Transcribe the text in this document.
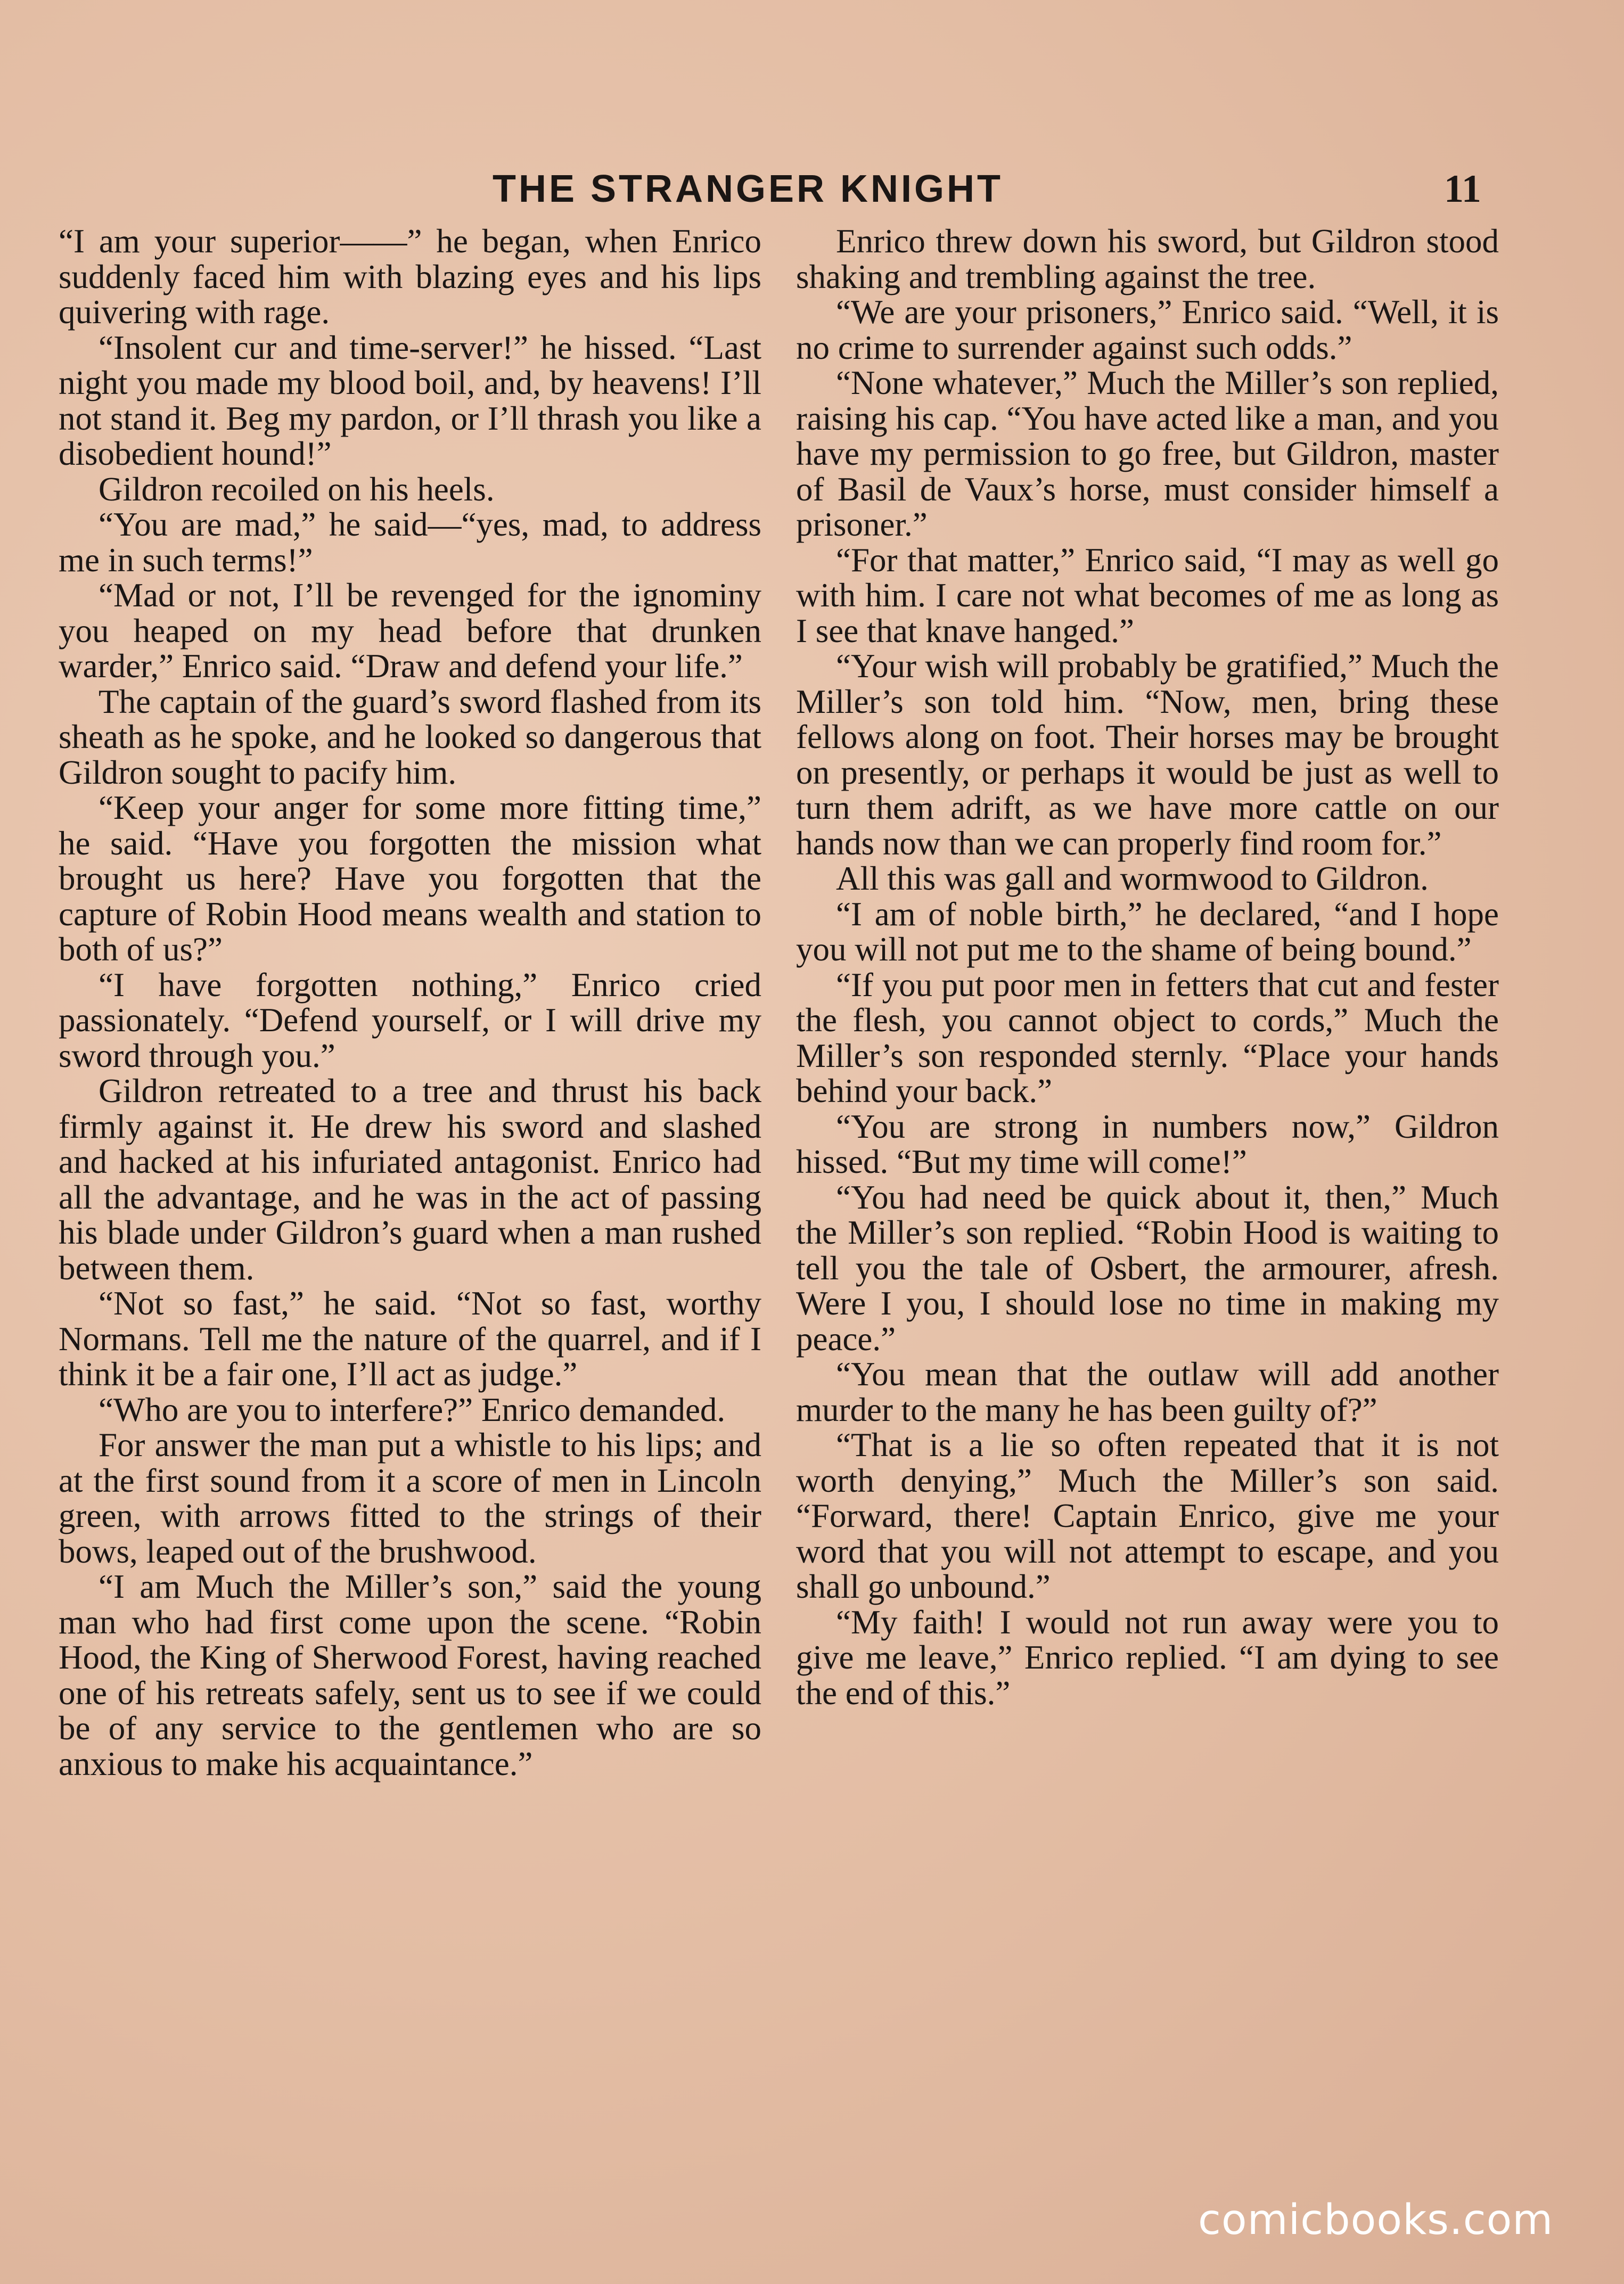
THE STRANGER KNIGHT	11

“I am your superior——” he began, when Enrico suddenly faced him with blazing eyes and his lips quivering with rage.

“Insolent cur and time-server!” he hissed. “Last night you made my blood boil, and, by heavens! I’ll not stand it. Beg my pardon, or I’ll thrash you like a disobedient hound!”

Gildron recoiled on his heels.

“You are mad,” he said—“yes, mad, to address me in such terms!”

“Mad or not, I’ll be revenged for the ignominy you heaped on my head before that drunken warder,” Enrico said. “Draw and defend your life.”

The captain of the guard’s sword flashed from its sheath as he spoke, and he looked so dangerous that Gildron sought to pacify him.

“Keep your anger for some more fitting time,” he said. “Have you forgotten the mission what brought us here? Have you forgotten that the capture of Robin Hood means wealth and station to both of us?”

“I have forgotten nothing,” Enrico cried passionately. “Defend yourself, or I will drive my sword through you.”

Gildron retreated to a tree and thrust his back firmly against it. He drew his sword and slashed and hacked at his infuriated antagonist. Enrico had all the advantage, and he was in the act of passing his blade under Gildron’s guard when a man rushed between them.

“Not so fast,” he said. “Not so fast, worthy Normans. Tell me the nature of the quarrel, and if I think it be a fair one, I’ll act as judge.”

“Who are you to interfere?” Enrico demanded.

For answer the man put a whistle to his lips; and at the first sound from it a score of men in Lincoln green, with arrows fitted to the strings of their bows, leaped out of the brushwood.

“I am Much the Miller’s son,” said the young man who had first come upon the scene. “Robin Hood, the King of Sherwood Forest, having reached one of his retreats safely, sent us to see if we could be of any service to the gentlemen who are so anxious to make his acquaintance.”

Enrico threw down his sword, but Gildron stood shaking and trembling against the tree.

“We are your prisoners,” Enrico said. “Well, it is no crime to surrender against such odds.”

“None whatever,” Much the Miller’s son replied, raising his cap. “You have acted like a man, and you have my permission to go free, but Gildron, master of Basil de Vaux’s horse, must consider himself a prisoner.”

“For that matter,” Enrico said, “I may as well go with him. I care not what becomes of me as long as I see that knave hanged.”

“Your wish will probably be gratified,” Much the Miller’s son told him. “Now, men, bring these fellows along on foot. Their horses may be brought on presently, or perhaps it would be just as well to turn them adrift, as we have more cattle on our hands now than we can properly find room for.”

All this was gall and wormwood to Gildron.

“I am of noble birth,” he declared, “and I hope you will not put me to the shame of being bound.”

“If you put poor men in fetters that cut and fester the flesh, you cannot object to cords,” Much the Miller’s son responded sternly. “Place your hands behind your back.”

“You are strong in numbers now,” Gildron hissed. “But my time will come!”

“You had need be quick about it, then,” Much the Miller’s son replied. “Robin Hood is waiting to tell you the tale of Osbert, the armourer, afresh. Were I you, I should lose no time in making my peace.”

“You mean that the outlaw will add another murder to the many he has been guilty of?”

“That is a lie so often repeated that it is not worth denying,” Much the Miller’s son said. “Forward, there! Captain Enrico, give me your word that you will not attempt to escape, and you shall go unbound.”

“My faith! I would not run away were you to give me leave,” Enrico replied. “I am dying to see the end of this.”

comicbooks.com
